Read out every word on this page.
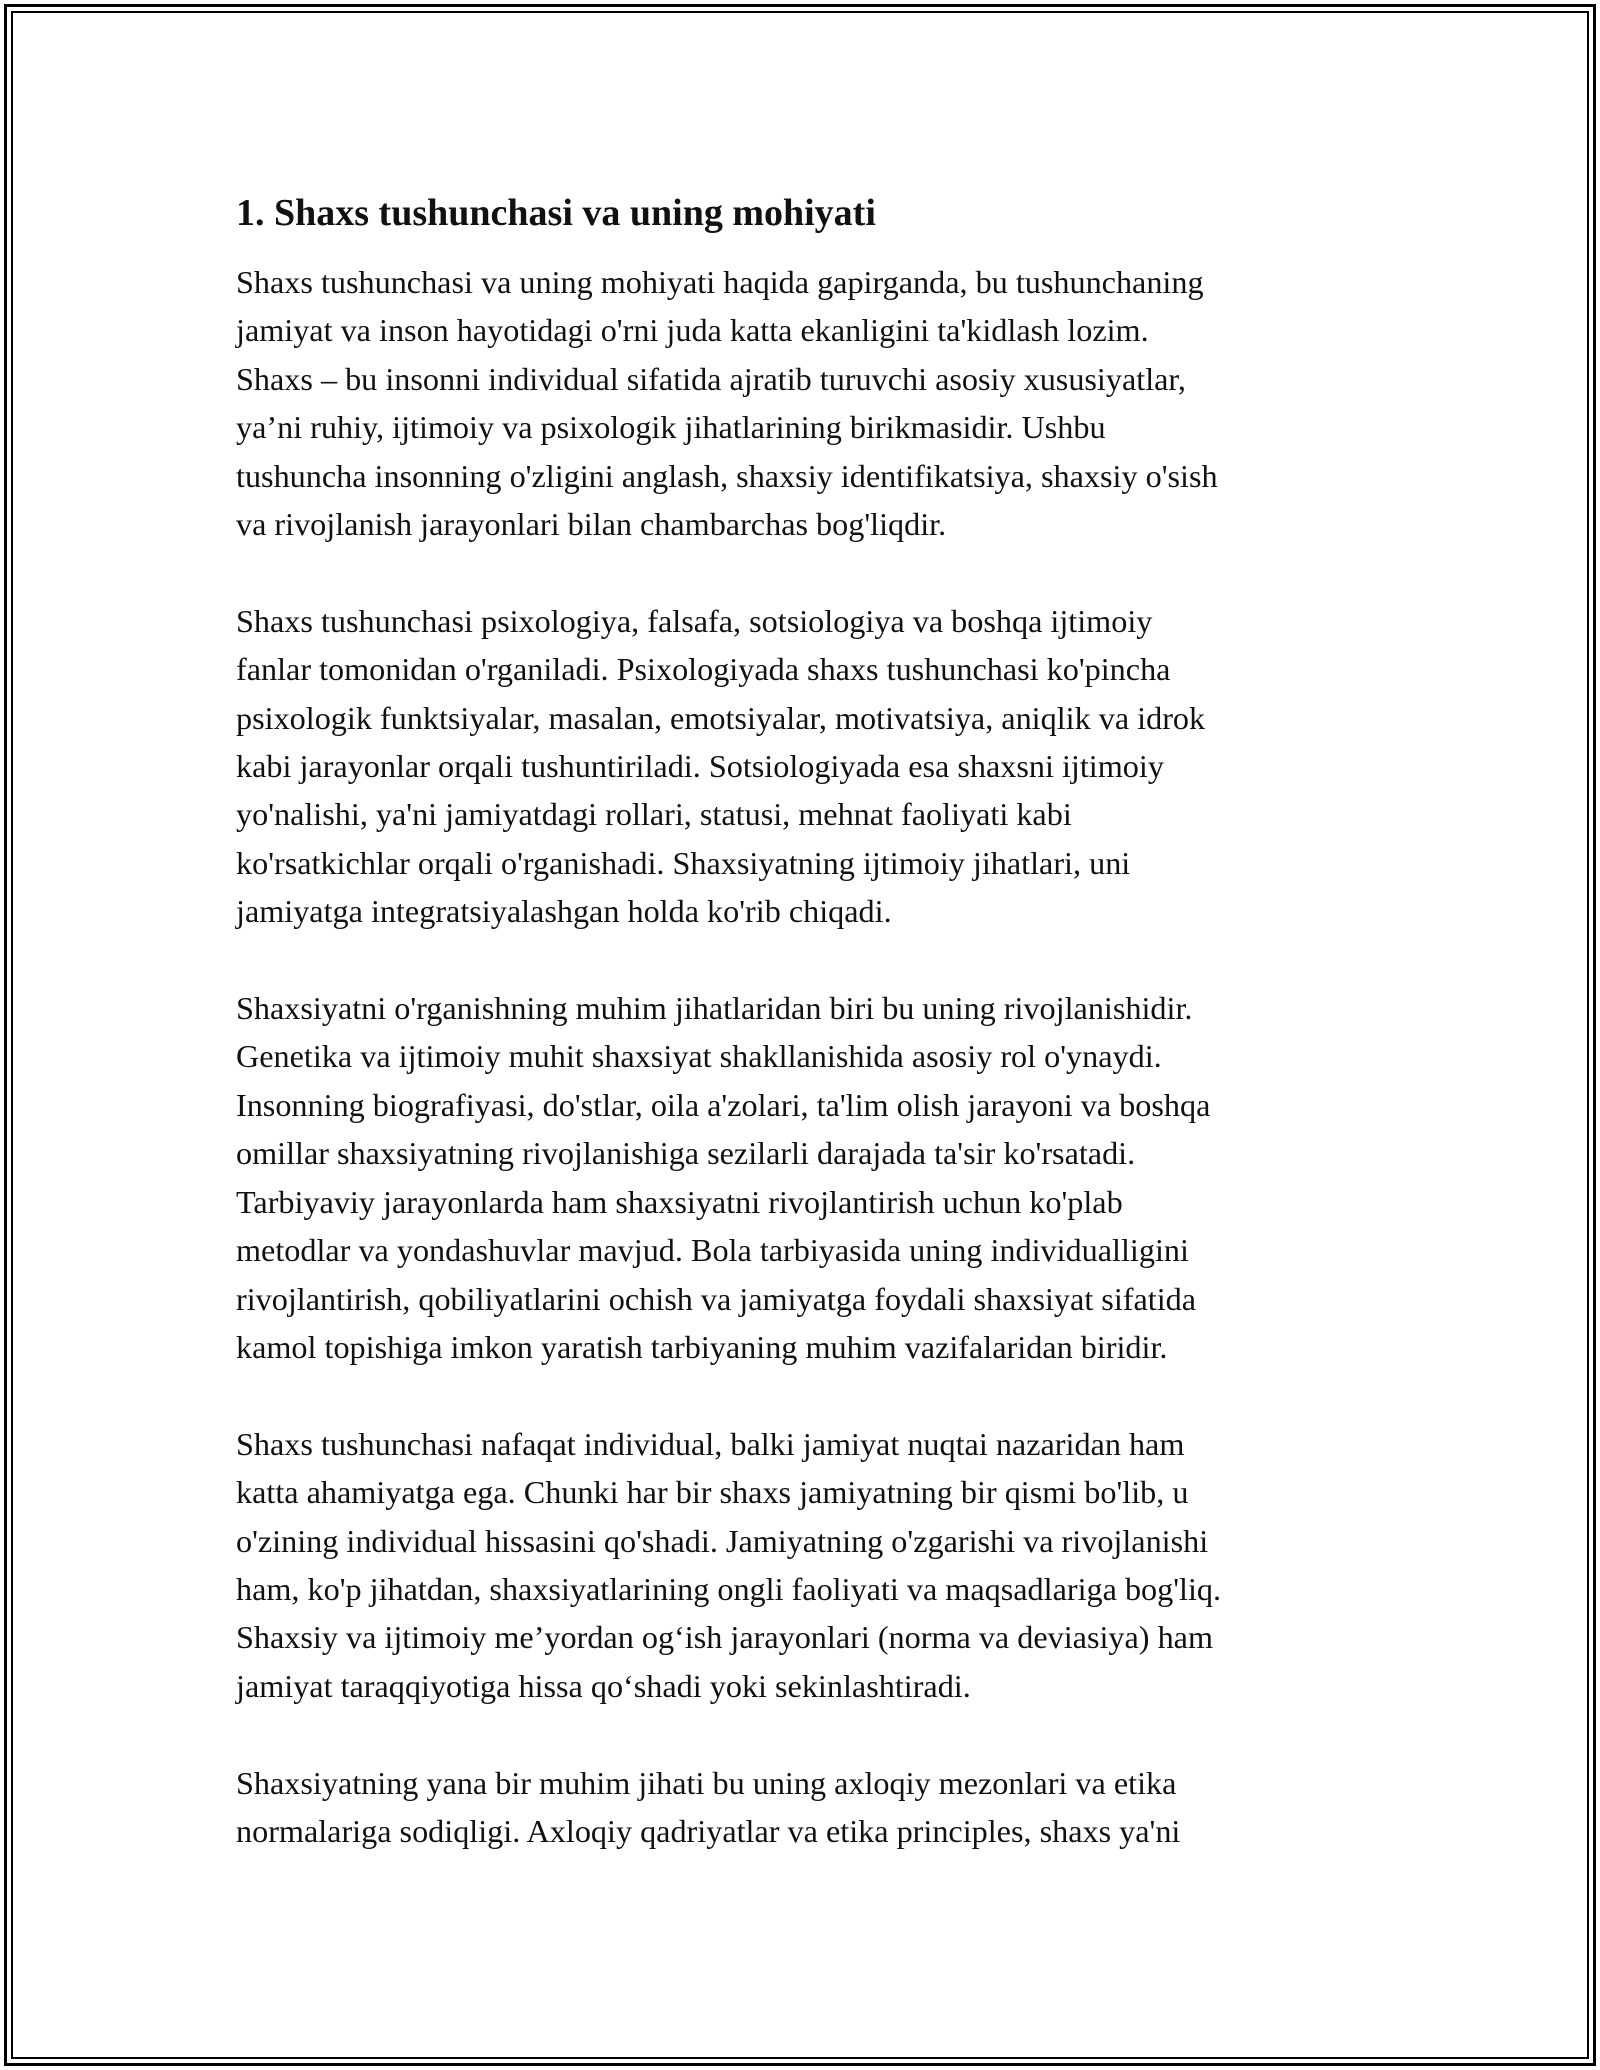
1. Shaxs tushunchasi va uning mohiyati
Shaxs tushunchasi va uning mohiyati haqida gapirganda, bu tushunchaning
jamiyat va inson hayotidagi o'rni juda katta ekanligini ta'kidlash lozim.
Shaxs – bu insonni individual sifatida ajratib turuvchi asosiy xususiyatlar,
ya’ni ruhiy, ijtimoiy va psixologik jihatlarining birikmasidir. Ushbu
tushuncha insonning o'zligini anglash, shaxsiy identifikatsiya, shaxsiy o'sish
va rivojlanish jarayonlari bilan chambarchas bog'liqdir.
Shaxs tushunchasi psixologiya, falsafa, sotsiologiya va boshqa ijtimoiy
fanlar tomonidan o'rganiladi. Psixologiyada shaxs tushunchasi ko'pincha
psixologik funktsiyalar, masalan, emotsiyalar, motivatsiya, aniqlik va idrok
kabi jarayonlar orqali tushuntiriladi. Sotsiologiyada esa shaxsni ijtimoiy
yo'nalishi, ya'ni jamiyatdagi rollari, statusi, mehnat faoliyati kabi
ko'rsatkichlar orqali o'rganishadi. Shaxsiyatning ijtimoiy jihatlari, uni
jamiyatga integratsiyalashgan holda ko'rib chiqadi.
Shaxsiyatni o'rganishning muhim jihatlaridan biri bu uning rivojlanishidir.
Genetika va ijtimoiy muhit shaxsiyat shakllanishida asosiy rol o'ynaydi.
Insonning biografiyasi, do'stlar, oila a'zolari, ta'lim olish jarayoni va boshqa
omillar shaxsiyatning rivojlanishiga sezilarli darajada ta'sir ko'rsatadi.
Tarbiyaviy jarayonlarda ham shaxsiyatni rivojlantirish uchun ko'plab
metodlar va yondashuvlar mavjud. Bola tarbiyasida uning individualligini
rivojlantirish, qobiliyatlarini ochish va jamiyatga foydali shaxsiyat sifatida
kamol topishiga imkon yaratish tarbiyaning muhim vazifalaridan biridir.
Shaxs tushunchasi nafaqat individual, balki jamiyat nuqtai nazaridan ham
katta ahamiyatga ega. Chunki har bir shaxs jamiyatning bir qismi bo'lib, u
o'zining individual hissasini qo'shadi. Jamiyatning o'zgarishi va rivojlanishi
ham, ko'p jihatdan, shaxsiyatlarining ongli faoliyati va maqsadlariga bog'liq.
Shaxsiy va ijtimoiy me’yordan og‘ish jarayonlari (norma va deviasiya) ham
jamiyat taraqqiyotiga hissa qo‘shadi yoki sekinlashtiradi.
Shaxsiyatning yana bir muhim jihati bu uning axloqiy mezonlari va etika
normalariga sodiqligi. Axloqiy qadriyatlar va etika principles, shaxs ya'ni
